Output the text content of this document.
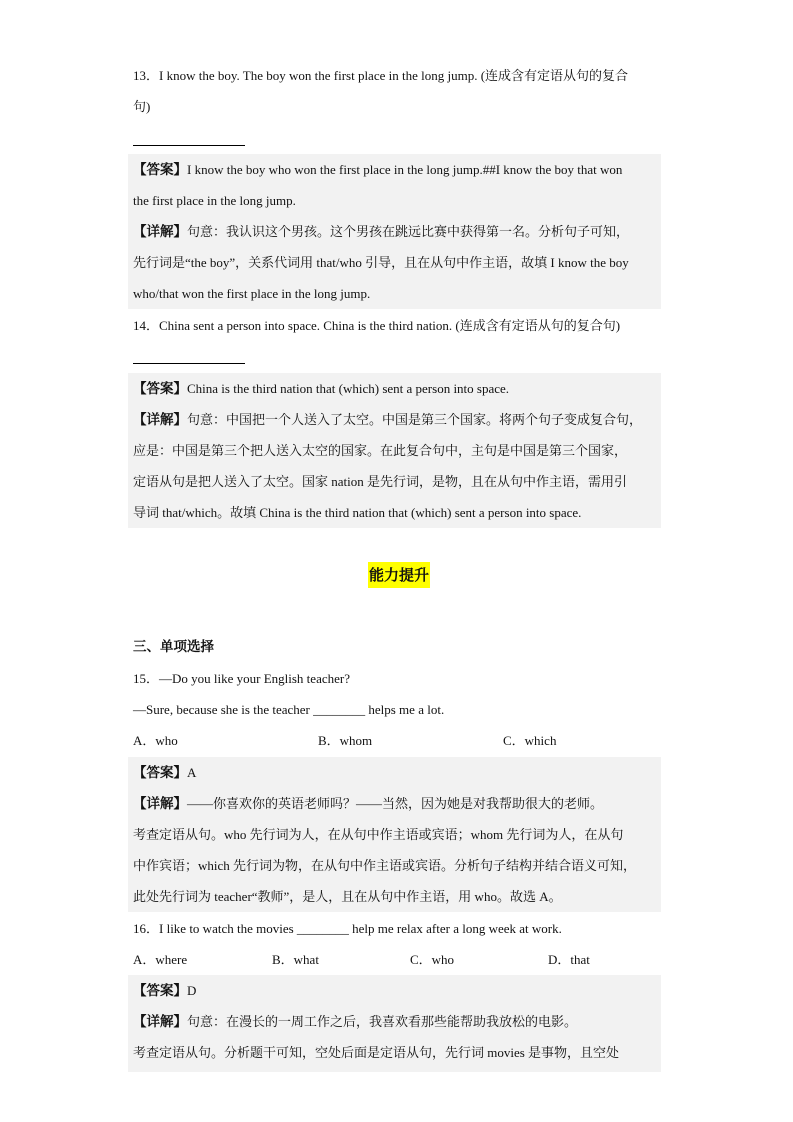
13．I know the boy. The boy won the first place in the long jump. (连成含有定语从句的复合
句)
【答案】I know the boy who won the first place in the long jump.##I know the boy that won
the first place in the long jump.
【详解】句意：我认识这个男孩。这个男孩在跳远比赛中获得第一名。分析句子可知，
先行词是“the boy”，关系代词用 that/who 引导，且在从句中作主语，故填 I know the boy
who/that won the first place in the long jump.
14．China sent a person into space. China is the third nation. (连成含有定语从句的复合句)
【答案】China is the third nation that (which) sent a person into space.
【详解】句意：中国把一个人送入了太空。中国是第三个国家。将两个句子变成复合句，
应是：中国是第三个把人送入太空的国家。在此复合句中，主句是中国是第三个国家，
定语从句是把人送入了太空。国家 nation 是先行词，是物，且在从句中作主语，需用引
导词 that/which。故填 China is the third nation that (which) sent a person into space.
能力提升
三、单项选择
15．—Do you like your English teacher?
—Sure, because she is the teacher ________ helps me a lot.
A．who	B．whom	C．which
【答案】A
【详解】——你喜欢你的英语老师吗？——当然，因为她是对我帮助很大的老师。
考查定语从句。who 先行词为人，在从句中作主语或宾语；whom 先行词为人，在从句
中作宾语；which 先行词为物，在从句中作主语或宾语。分析句子结构并结合语义可知，
此处先行词为 teacher“教师”，是人，且在从句中作主语，用 who。故选 A。
16．I like to watch the movies ________ help me relax after a long week at work.
A．where	B．what	C．who	D．that
【答案】D
【详解】句意：在漫长的一周工作之后，我喜欢看那些能帮助我放松的电影。
考查定语从句。分析题干可知，空处后面是定语从句，先行词 movies 是事物，且空处
